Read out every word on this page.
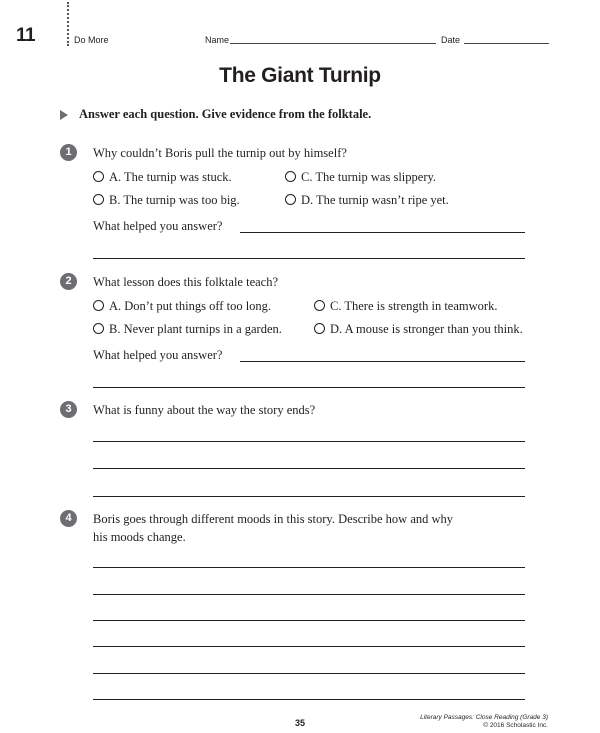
11	Do More	Name	Date
The Giant Turnip
Answer each question. Give evidence from the folktale.
1	Why couldn’t Boris pull the turnip out by himself?
A. The turnip was stuck.	C. The turnip was slippery.
B. The turnip was too big.	D. The turnip wasn’t ripe yet.
What helped you answer?
2	What lesson does this folktale teach?
A. Don’t put things off too long.	C. There is strength in teamwork.
B. Never plant turnips in a garden.	D. A mouse is stronger than you think.
What helped you answer?
3	What is funny about the way the story ends?
4	Boris goes through different moods in this story. Describe how and why
his moods change.
35
Literary Passages: Close Reading (Grade 3)
© 2016 Scholastic Inc.
